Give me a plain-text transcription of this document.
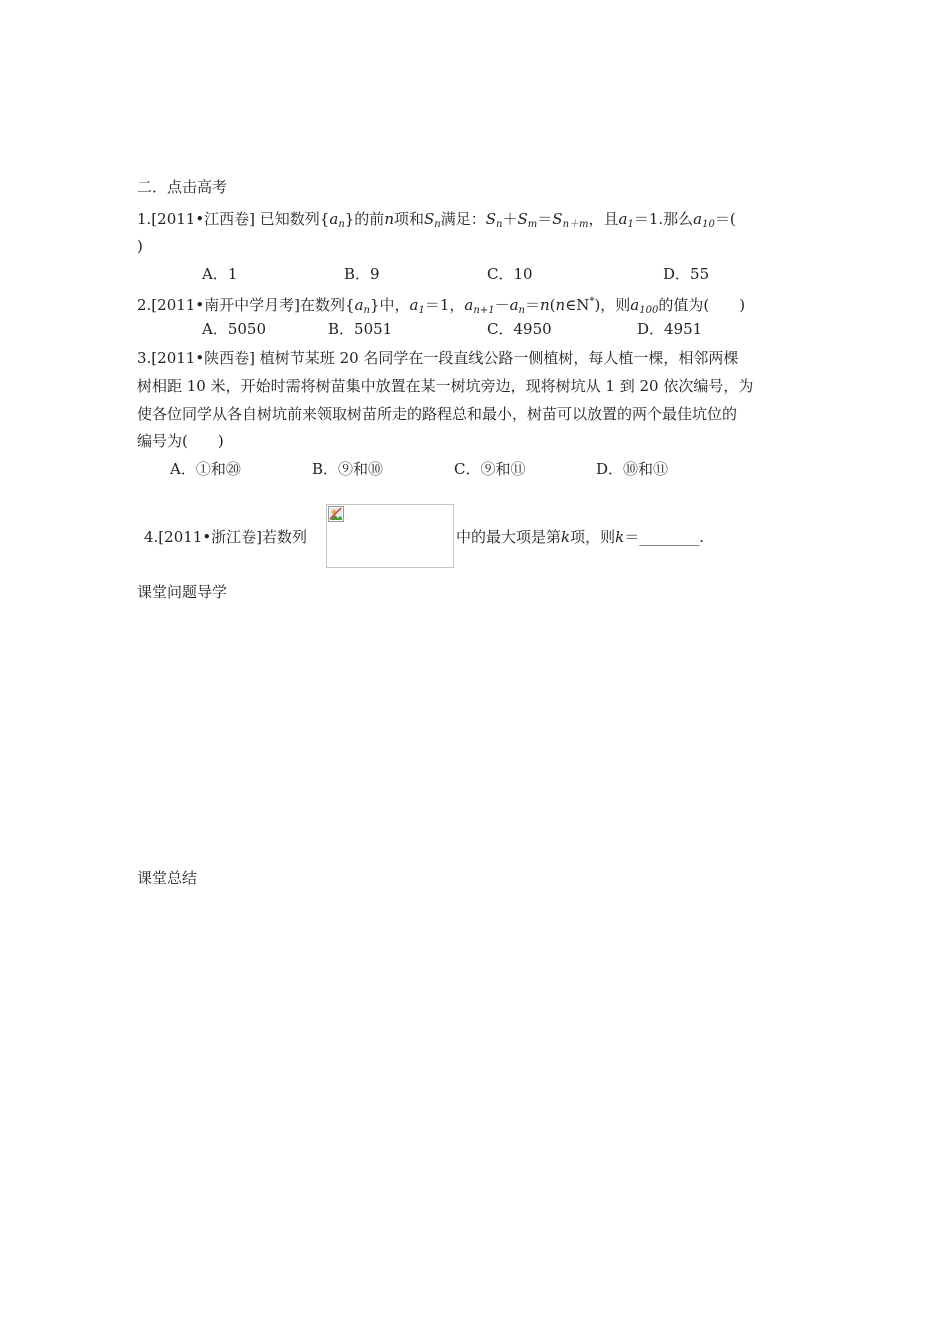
二．点击高考
1.[2011•江西卷] 已知数列$\{a_n\}$的前n项和$S_n$满足：$S_n+S_m=S_{n+m}$，且$a_1=1$.那么$a_{10}=$(
)
A．1	B．9	C．10	D．55
2.[2011•南开中学月考]在数列$\{a_n\}$中，$a_1=1$，$a_{n+1}-a_n=n(n\in N^*)$，则$a_{100}$的值为(　　)
A．5050	B．5051	C．4950	D．4951
3.[2011•陕西卷] 植树节某班 20 名同学在一段直线公路一侧植树，每人植一棵，相邻两棵
树相距 10 米，开始时需将树苗集中放置在某一树坑旁边，现将树坑从 1 到 20 依次编号，为
使各位同学从各自树坑前来领取树苗所走的路程总和最小，树苗可以放置的两个最佳坑位的
编号为(　　)
A．①和⑳	B．⑨和⑩	C．⑨和⑪	D．⑩和⑪
4.[2011•浙江卷]若数列	中的最大项是第k项，则k＝________.
课堂问题导学
课堂总结
